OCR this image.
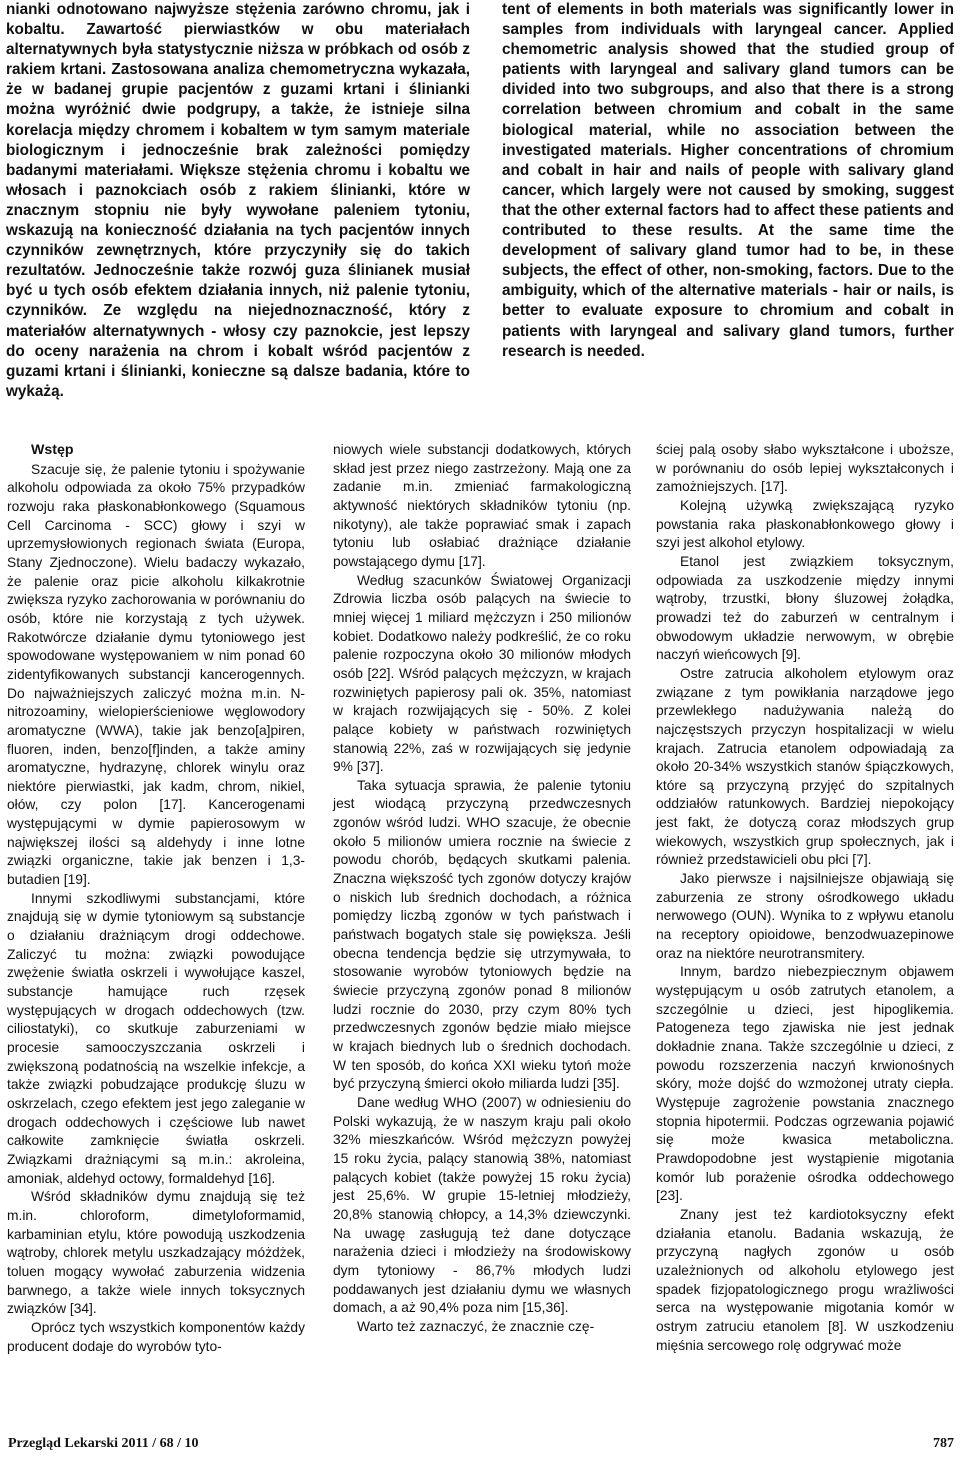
nianki odnotowano najwyższe stężenia zarówno chromu, jak i kobaltu. Zawartość pierwiastków w obu materiałach alternatywnych była statystycznie niższa w próbkach od osób z rakiem krtani. Zastosowana analiza chemometryczna wykazała, że w badanej grupie pacjentów z guzami krtani i ślinianki można wyróżnić dwie podgrupy, a także, że istnieje silna korelacja między chromem i kobaltem w tym samym materiale biologicznym i jednocześnie brak zależności pomiędzy badanymi materiałami. Większe stężenia chromu i kobaltu we włosach i paznokciach osób z rakiem ślinianki, które w znacznym stopniu nie były wywołane paleniem tytoniu, wskazują na konieczność działania na tych pacjentów innych czynników zewnętrznych, które przyczyniły się do takich rezultatów. Jednocześnie także rozwój guza ślinianek musiał być u tych osób efektem działania innych, niż palenie tytoniu, czynników. Ze względu na niejednoznaczność, który z materiałów alternatywnych - włosy czy paznokcie, jest lepszy do oceny narażenia na chrom i kobalt wśród pacjentów z guzami krtani i ślinianki, konieczne są dalsze badania, które to wykażą.

tent of elements in both materials was significantly lower in samples from individuals with laryngeal cancer. Applied chemometric analysis showed that the studied group of patients with laryngeal and salivary gland tumors can be divided into two subgroups, and also that there is a strong correlation between chromium and cobalt in the same biological material, while no association between the investigated materials. Higher concentrations of chromium and cobalt in hair and nails of people with salivary gland cancer, which largely were not caused by smoking, suggest that the other external factors had to affect these patients and contributed to these results. At the same time the development of salivary gland tumor had to be, in these subjects, the effect of other, non-smoking, factors. Due to the ambiguity, which of the alternative materials - hair or nails, is better to evaluate exposure to chromium and cobalt in patients with laryngeal and salivary gland tumors, further research is needed.

Wstęp

Szacuje się, że palenie tytoniu i spożywanie alkoholu odpowiada za około 75% przypadków rozwoju raka płaskonabłonkowego (Squamous Cell Carcinoma - SCC) głowy i szyi w uprzemysłowionych regionach świata (Europa, Stany Zjednoczone). Wielu badaczy wykazało, że palenie oraz picie alkoholu kilkakrotnie zwiększa ryzyko zachorowania w porównaniu do osób, które nie korzystają z tych używek. Rakotwórcze działanie dymu tytoniowego jest spowodowane występowaniem w nim ponad 60 zidentyfikowanych substancji kancerogennych. Do najważniejszych zaliczyć można m.in. N-nitrozoaminy, wielopierścieniowe węglowodory aromatyczne (WWA), takie jak benzo[a]piren, fluoren, inden, benzo[f]inden, a także aminy aromatyczne, hydrazynę, chlorek winylu oraz niektóre pierwiastki, jak kadm, chrom, nikiel, ołów, czy polon [17]. Kancerogenami występującymi w dymie papierosowym w największej ilości są aldehydy i inne lotne związki organiczne, takie jak benzen i 1,3-butadien [19].

Innymi szkodliwymi substancjami, które znajdują się w dymie tytoniowym są substancje o działaniu drażniącym drogi oddechowe. Zaliczyć tu można: związki powodujące zwężenie światła oskrzeli i wywołujące kaszel, substancje hamujące ruch rzęsek występujących w drogach oddechowych (tzw. ciliostatyki), co skutkuje zaburzeniami w procesie samooczyszczania oskrzeli i zwiększoną podatnością na wszelkie infekcje, a także związki pobudzające produkcję śluzu w oskrzelach, czego efektem jest jego zaleganie w drogach oddechowych i częściowe lub nawet całkowite zamknięcie światła oskrzeli. Związkami drażniącymi są m.in.: akroleina, amoniak, aldehyd octowy, formaldehyd [16].

Wśród składników dymu znajdują się też m.in. chloroform, dimetyloformamid, karbaminian etylu, które powodują uszkodzenia wątroby, chlorek metylu uszkadzający móżdżek, toluen mogący wywołać zaburzenia widzenia barwnego, a także wiele innych toksycznych związków [34].

Oprócz tych wszystkich komponentów każdy producent dodaje do wyrobów tyto-

niowych wiele substancji dodatkowych, których skład jest przez niego zastrzeżony. Mają one za zadanie m.in. zmieniać farmakologiczną aktywność niektórych składników tytoniu (np. nikotyny), ale także poprawiać smak i zapach tytoniu lub osłabiać drażniące działanie powstającego dymu [17].

Według szacunków Światowej Organizacji Zdrowia liczba osób palących na świecie to mniej więcej 1 miliard mężczyzn i 250 milionów kobiet. Dodatkowo należy podkreślić, że co roku palenie rozpoczyna około 30 milionów młodych osób [22]. Wśród palących mężczyzn, w krajach rozwiniętych papierosy pali ok. 35%, natomiast w krajach rozwijających się - 50%. Z kolei palące kobiety w państwach rozwiniętych stanowią 22%, zaś w rozwijających się jedynie 9% [37].

Taka sytuacja sprawia, że palenie tytoniu jest wiodącą przyczyną przedwczesnych zgonów wśród ludzi. WHO szacuje, że obecnie około 5 milionów umiera rocznie na świecie z powodu chorób, będących skutkami palenia. Znaczna większość tych zgonów dotyczy krajów o niskich lub średnich dochodach, a różnica pomiędzy liczbą zgonów w tych państwach i państwach bogatych stale się powiększa. Jeśli obecna tendencja będzie się utrzymywała, to stosowanie wyrobów tytoniowych będzie na świecie przyczyną zgonów ponad 8 milionów ludzi rocznie do 2030, przy czym 80% tych przedwczesnych zgonów będzie miało miejsce w krajach biednych lub o średnich dochodach. W ten sposób, do końca XXI wieku tytoń może być przyczyną śmierci około miliarda ludzi [35].

Dane według WHO (2007) w odniesieniu do Polski wykazują, że w naszym kraju pali około 32% mieszkańców. Wśród mężczyzn powyżej 15 roku życia, palący stanowią 38%, natomiast palących kobiet (także powyżej 15 roku życia) jest 25,6%. W grupie 15-letniej młodzieży, 20,8% stanowią chłopcy, a 14,3% dziewczynki. Na uwagę zasługują też dane dotyczące narażenia dzieci i młodzieży na środowiskowy dym tytoniowy - 86,7% młodych ludzi poddawanych jest działaniu dymu we własnych domach, a aż 90,4% poza nim [15,36].

Warto też zaznaczyć, że znacznie czę-

ściej palą osoby słabo wykształcone i uboższe, w porównaniu do osób lepiej wykształconych i zamożniejszych. [17].

Kolejną używką zwiększającą ryzyko powstania raka płaskonabłonkowego głowy i szyi jest alkohol etylowy.

Etanol jest związkiem toksycznym, odpowiada za uszkodzenie między innymi wątroby, trzustki, błony śluzowej żołądka, prowadzi też do zaburzeń w centralnym i obwodowym układzie nerwowym, w obrębie naczyń wieńcowych [9].

Ostre zatrucia alkoholem etylowym oraz związane z tym powikłania narządowe jego przewlekłego nadużywania należą do najczęstszych przyczyn hospitalizacji w wielu krajach. Zatrucia etanolem odpowiadają za około 20-34% wszystkich stanów śpiączkowych, które są przyczyną przyjęć do szpitalnych oddziałów ratunkowych. Bardziej niepokojący jest fakt, że dotyczą coraz młodszych grup wiekowych, wszystkich grup społecznych, jak i również przedstawicieli obu płci [7].

Jako pierwsze i najsilniejsze objawiają się zaburzenia ze strony ośrodkowego układu nerwowego (OUN). Wynika to z wpływu etanolu na receptory opioidowe, benzodwuazepinowe oraz na niektóre neurotransmitery.

Innym, bardzo niebezpiecznym objawem występującym u osób zatrutych etanolem, a szczególnie u dzieci, jest hipoglikemia. Patogeneza tego zjawiska nie jest jednak dokładnie znana. Także szczególnie u dzieci, z powodu rozszerzenia naczyń krwionośnych skóry, może dojść do wzmożonej utraty ciepła. Występuje zagrożenie powstania znacznego stopnia hipotermii. Podczas ogrzewania pojawić się może kwasica metaboliczna. Prawdopodobne jest wystąpienie migotania komór lub porażenie ośrodka oddechowego [23].

Znany jest też kardiotoksyczny efekt działania etanolu. Badania wskazują, że przyczyną nagłych zgonów u osób uzależnionych od alkoholu etylowego jest spadek fizjopatologicznego progu wrażliwości serca na występowanie migotania komór w ostrym zatruciu etanolem [8]. W uszkodzeniu mięśnia sercowego rolę odgrywać może

Przegląd Lekarski 2011 / 68 / 10	787
